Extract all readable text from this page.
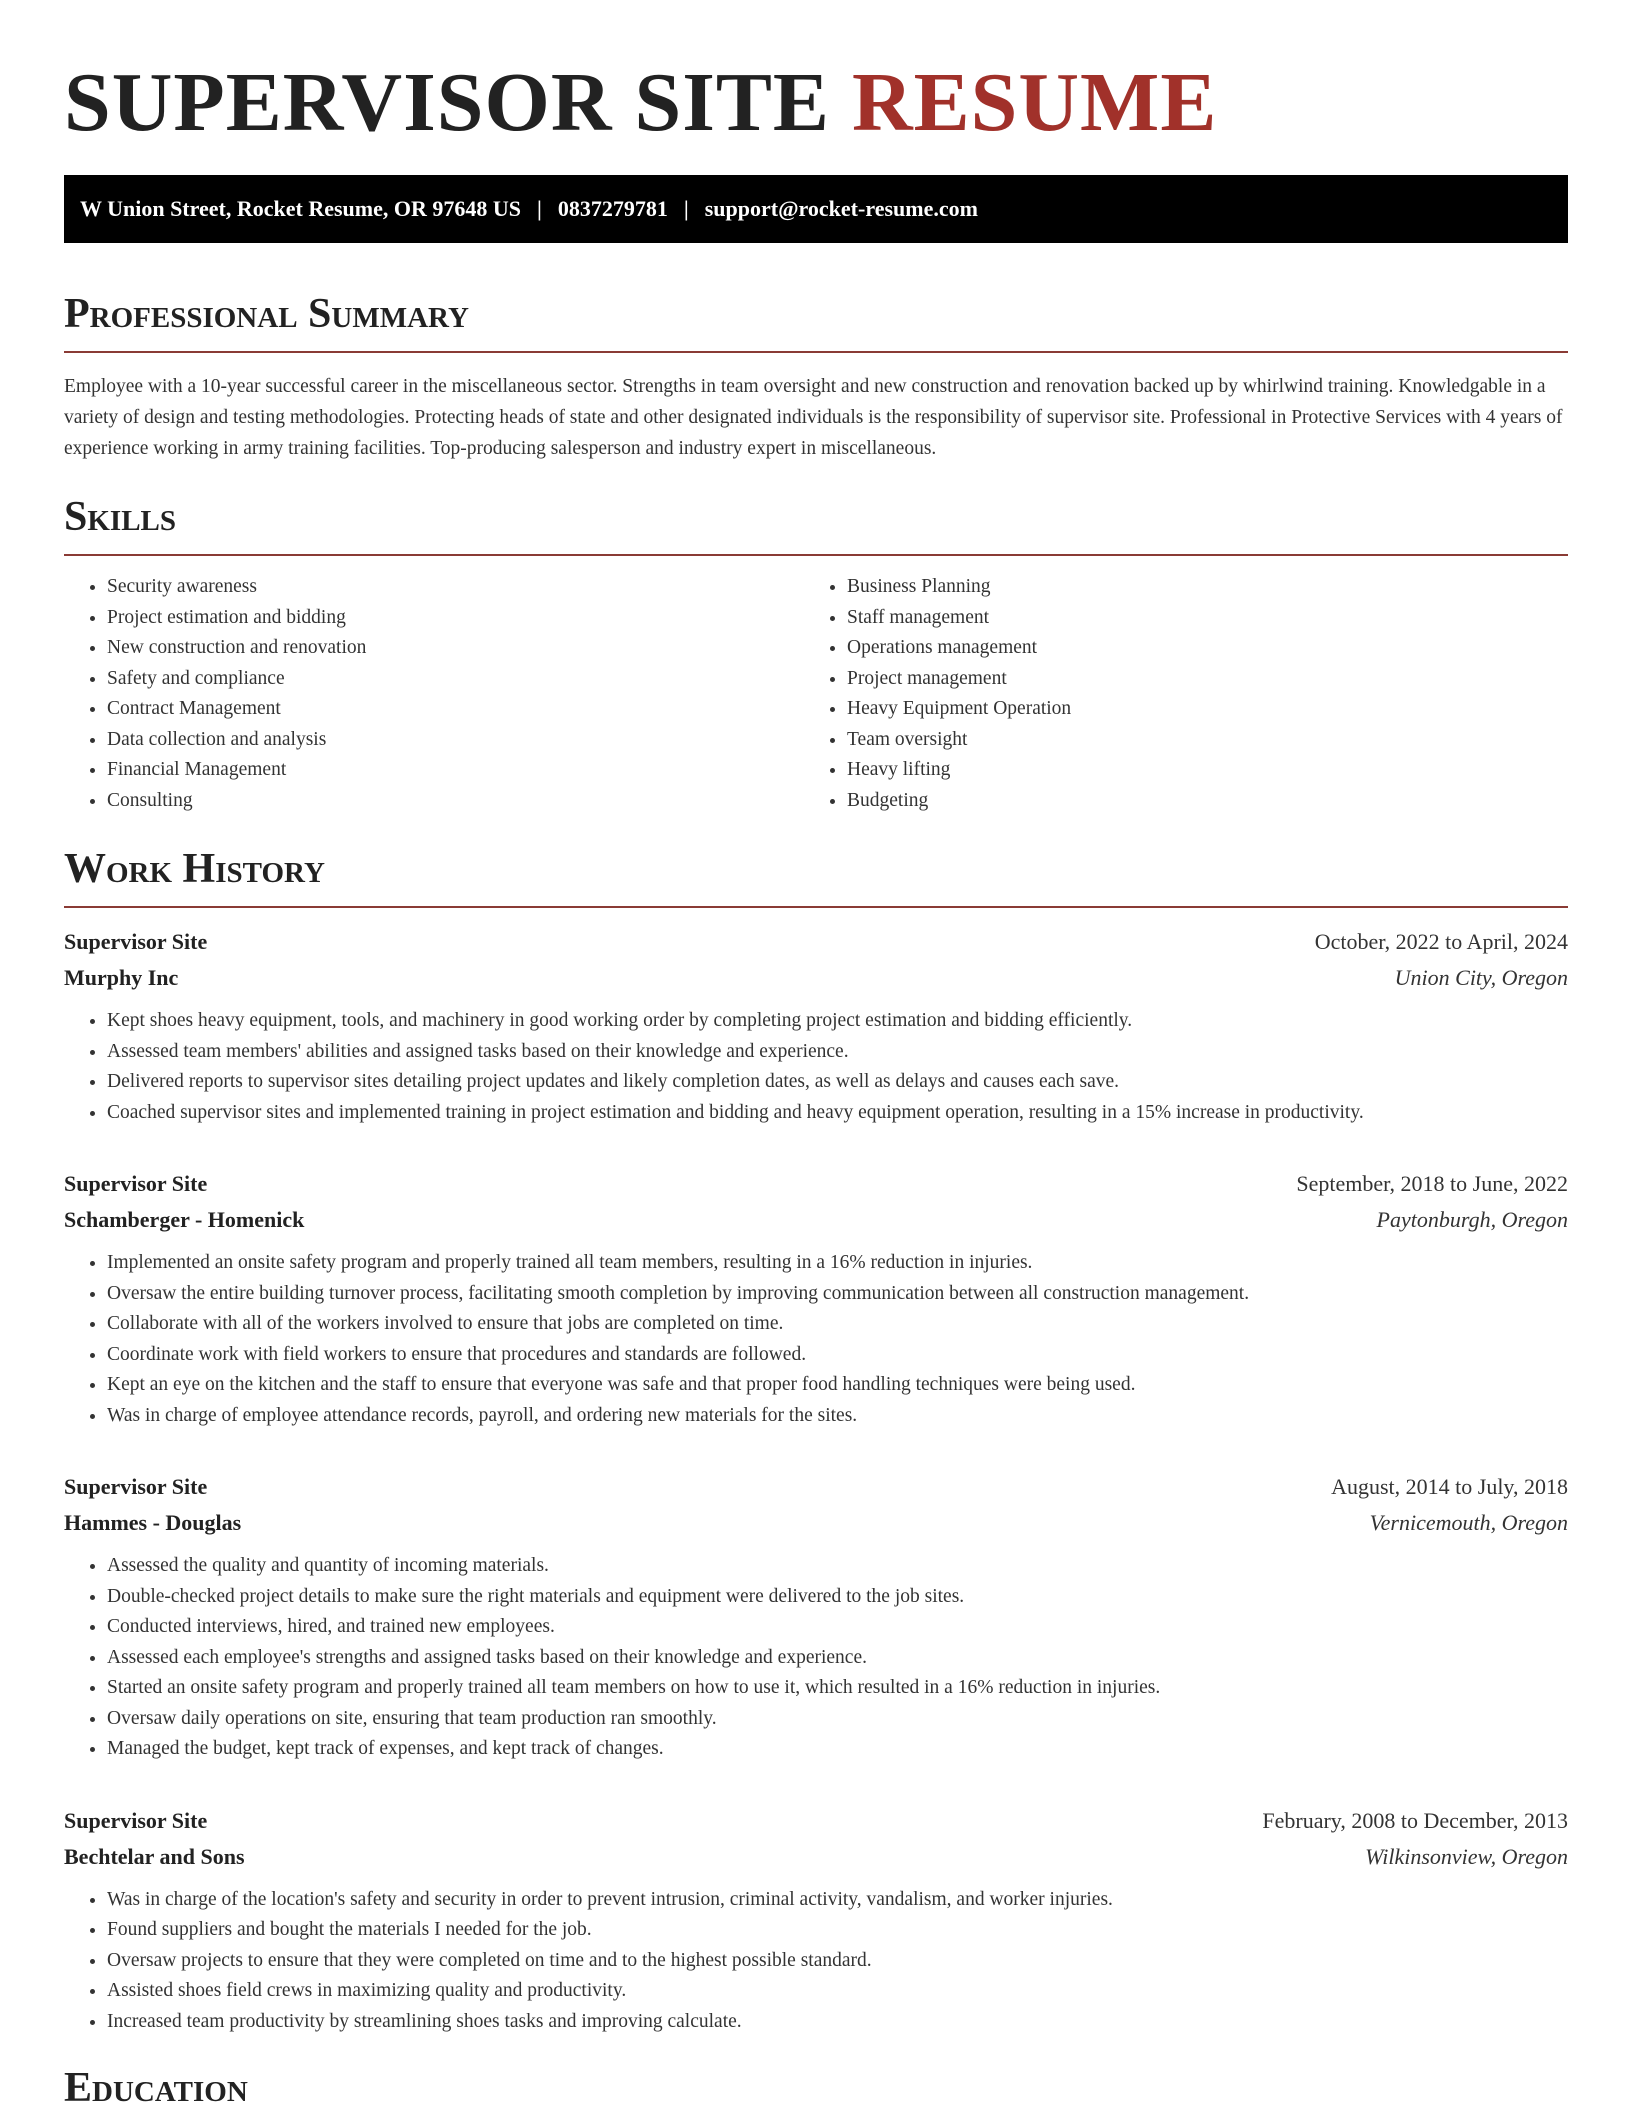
SUPERVISOR SITE RESUME
W Union Street, Rocket Resume, OR 97648 US | 0837279781 | support@rocket-resume.com
Professional Summary

Employee with a 10-year successful career in the miscellaneous sector. Strengths in team oversight and new construction and renovation backed up by whirlwind training. Knowledgable in a variety of design and testing methodologies. Protecting heads of state and other designated individuals is the responsibility of supervisor site. Professional in Protective Services with 4 years of experience working in army training facilities. Top-producing salesperson and industry expert in miscellaneous.

Skills
• Security awareness
• Project estimation and bidding
• New construction and renovation
• Safety and compliance
• Contract Management
• Data collection and analysis
• Financial Management
• Consulting
• Business Planning
• Staff management
• Operations management
• Project management
• Heavy Equipment Operation
• Team oversight
• Heavy lifting
• Budgeting
Work History
Supervisor Site	October, 2022 to April, 2024
Murphy Inc	Union City, Oregon
• Kept shoes heavy equipment, tools, and machinery in good working order by completing project estimation and bidding efficiently.
• Assessed team members' abilities and assigned tasks based on their knowledge and experience.
• Delivered reports to supervisor sites detailing project updates and likely completion dates, as well as delays and causes each save.
• Coached supervisor sites and implemented training in project estimation and bidding and heavy equipment operation, resulting in a 15% increase in productivity.
Supervisor Site	September, 2018 to June, 2022
Schamberger - Homenick	Paytonburgh, Oregon
• Implemented an onsite safety program and properly trained all team members, resulting in a 16% reduction in injuries.
• Oversaw the entire building turnover process, facilitating smooth completion by improving communication between all construction management.
• Collaborate with all of the workers involved to ensure that jobs are completed on time.
• Coordinate work with field workers to ensure that procedures and standards are followed.
• Kept an eye on the kitchen and the staff to ensure that everyone was safe and that proper food handling techniques were being used.
• Was in charge of employee attendance records, payroll, and ordering new materials for the sites.
Supervisor Site	August, 2014 to July, 2018
Hammes - Douglas	Vernicemouth, Oregon
• Assessed the quality and quantity of incoming materials.
• Double-checked project details to make sure the right materials and equipment were delivered to the job sites.
• Conducted interviews, hired, and trained new employees.
• Assessed each employee's strengths and assigned tasks based on their knowledge and experience.
• Started an onsite safety program and properly trained all team members on how to use it, which resulted in a 16% reduction in injuries.
• Oversaw daily operations on site, ensuring that team production ran smoothly.
• Managed the budget, kept track of expenses, and kept track of changes.
Supervisor Site	February, 2008 to December, 2013
Bechtelar and Sons	Wilkinsonview, Oregon
• Was in charge of the location's safety and security in order to prevent intrusion, criminal activity, vandalism, and worker injuries.
• Found suppliers and bought the materials I needed for the job.
• Oversaw projects to ensure that they were completed on time and to the highest possible standard.
• Assisted shoes field crews in maximizing quality and productivity.
• Increased team productivity by streamlining shoes tasks and improving calculate.
Education
